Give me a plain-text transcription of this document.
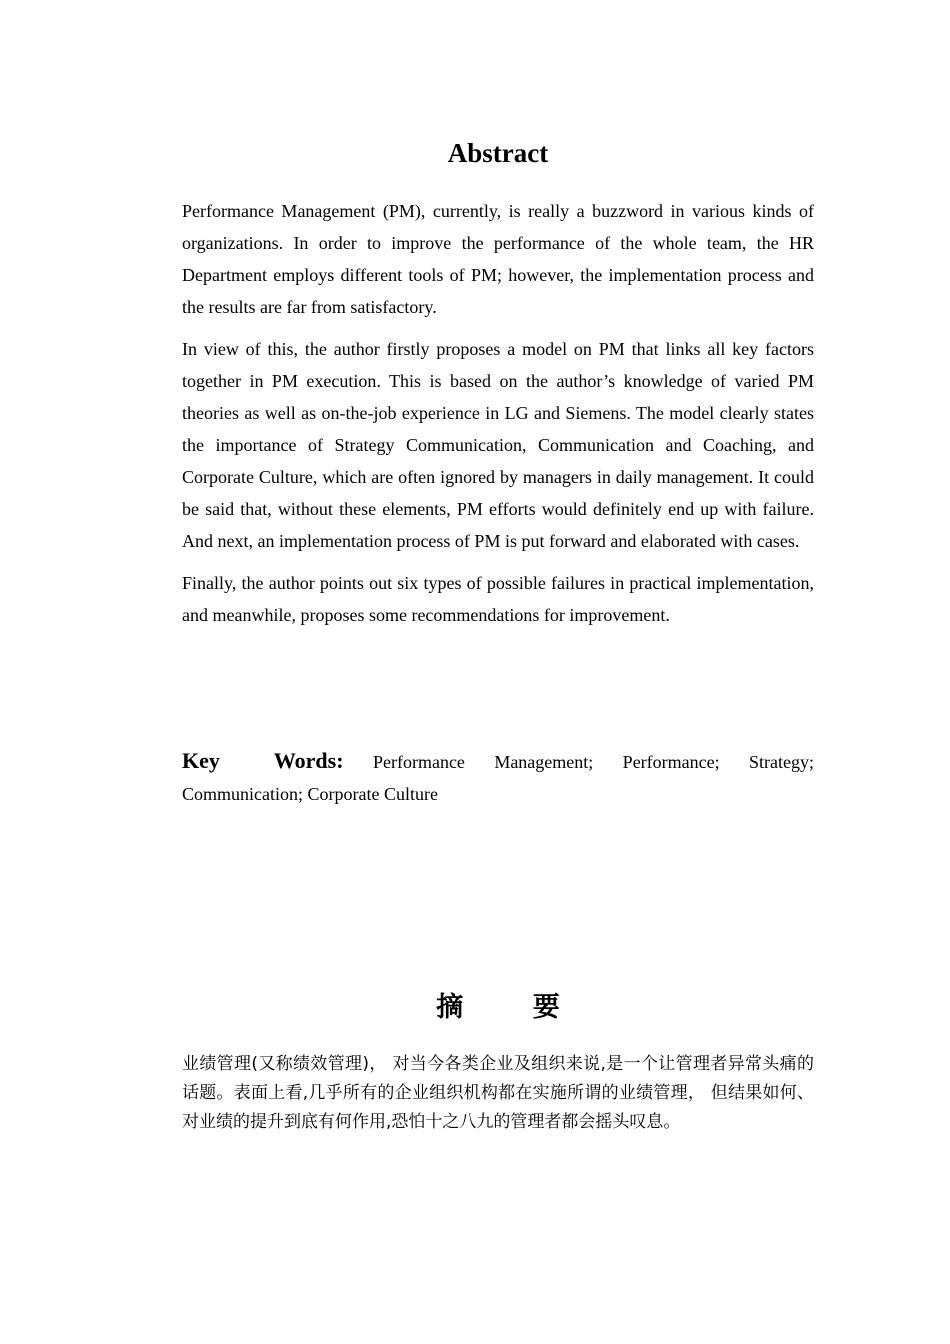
Abstract

Performance Management (PM), currently, is really a buzzword in various kinds of organizations. In order to improve the performance of the whole team, the HR Department employs different tools of PM; however, the implementation process and the results are far from satisfactory.

In view of this, the author firstly proposes a model on PM that links all key factors together in PM execution. This is based on the author’s knowledge of varied PM theories as well as on-the-job experience in LG and Siemens. The model clearly states the importance of Strategy Communication, Communication and Coaching, and Corporate Culture, which are often ignored by managers in daily management. It could be said that, without these elements, PM efforts would definitely end up with failure. And next, an implementation process of PM is put forward and elaborated with cases.

Finally, the author points out six types of possible failures in practical implementation, and meanwhile, proposes some recommendations for improvement.

Key Words: Performance Management; Performance; Strategy; Communication; Corporate Culture

摘 要

业绩管理(又称绩效管理)， 对当今各类企业及组织来说,是一个让管理者异常头痛的话题。表面上看,几乎所有的企业组织机构都在实施所谓的业绩管理， 但结果如何、对业绩的提升到底有何作用,恐怕十之八九的管理者都会摇头叹息。
